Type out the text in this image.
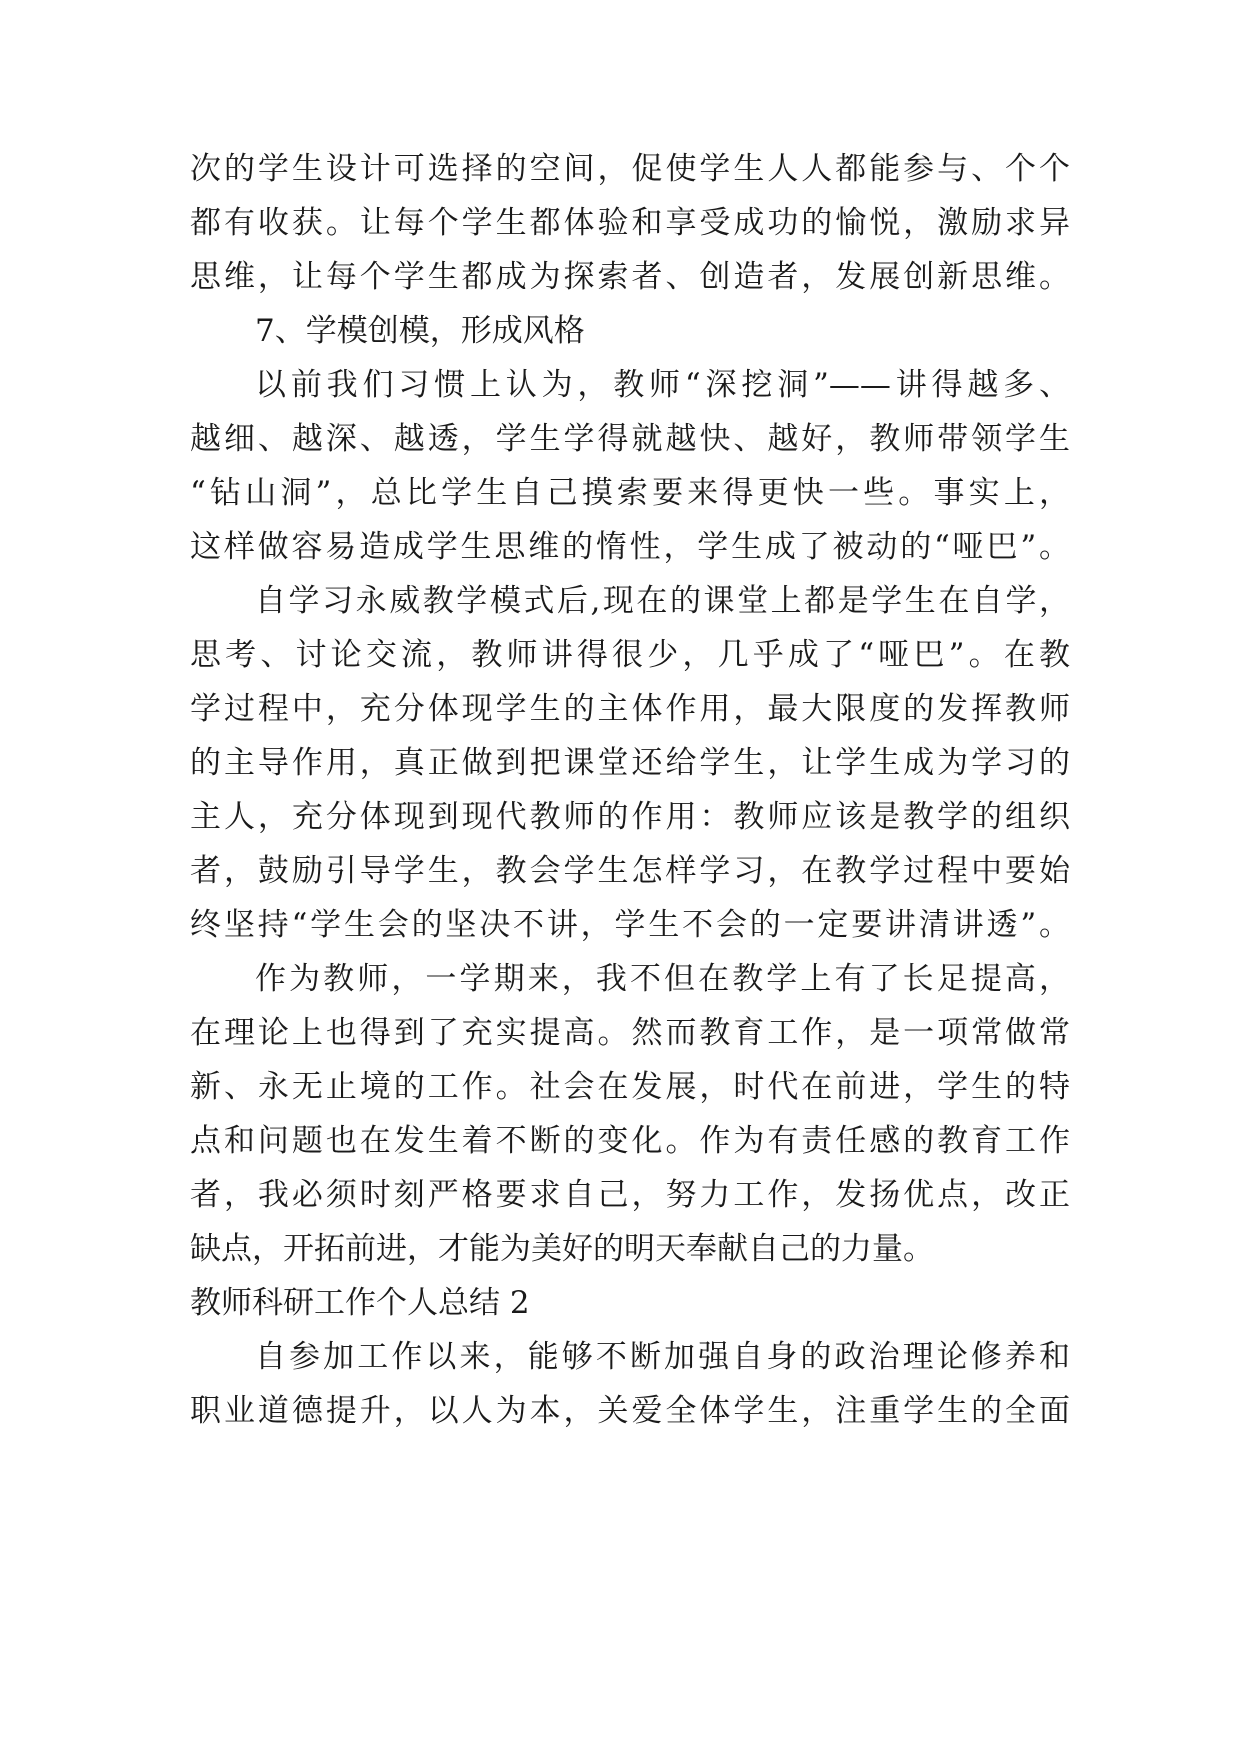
次的学生设计可选择的空间，促使学生人人都能参与、个个
都有收获。让每个学生都体验和享受成功的愉悦，激励求异
思维，让每个学生都成为探索者、创造者，发展创新思维。
7、学模创模，形成风格
以前我们习惯上认为，教师“深挖洞”——讲得越多、
越细、越深、越透，学生学得就越快、越好，教师带领学生
“钻山洞”，总比学生自己摸索要来得更快一些。事实上，
这样做容易造成学生思维的惰性，学生成了被动的“哑巴”。
自学习永威教学模式后,现在的课堂上都是学生在自学，
思考、讨论交流，教师讲得很少，几乎成了“哑巴”。在教
学过程中，充分体现学生的主体作用，最大限度的发挥教师
的主导作用，真正做到把课堂还给学生，让学生成为学习的
主人，充分体现到现代教师的作用：教师应该是教学的组织
者，鼓励引导学生，教会学生怎样学习，在教学过程中要始
终坚持“学生会的坚决不讲，学生不会的一定要讲清讲透”。
作为教师，一学期来，我不但在教学上有了长足提高，
在理论上也得到了充实提高。然而教育工作，是一项常做常
新、永无止境的工作。社会在发展，时代在前进，学生的特
点和问题也在发生着不断的变化。作为有责任感的教育工作
者，我必须时刻严格要求自己，努力工作，发扬优点，改正
缺点，开拓前进，才能为美好的明天奉献自己的力量。
教师科研工作个人总结 2
自参加工作以来，能够不断加强自身的政治理论修养和
职业道德提升，以人为本，关爱全体学生，注重学生的全面
